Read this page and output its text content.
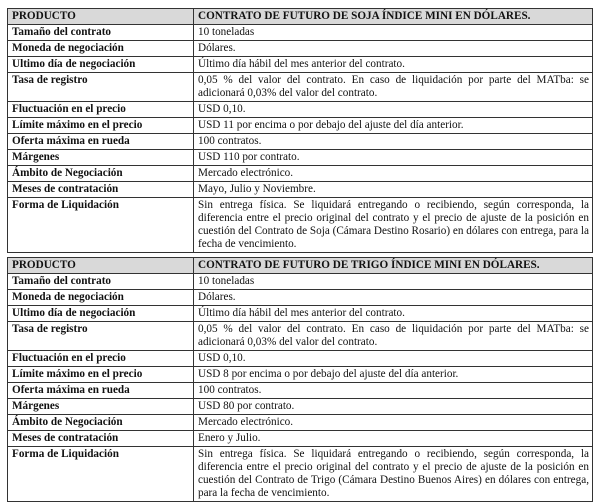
PRODUCTO	CONTRATO DE FUTURO DE SOJA ÍNDICE MINI EN DÓLARES.
Tamaño del contrato	10 toneladas
Moneda de negociación	Dólares.
Ultimo día de negociación	Último día hábil del mes anterior del contrato.
Tasa de registro	0,05 % del valor del contrato. En caso de liquidación por parte del MATba: se adicionará 0,03% del valor del contrato.
Fluctuación en el precio	USD 0,10.
Límite máximo en el precio	USD 11 por encima o por debajo del ajuste del día anterior.
Oferta máxima en rueda	100 contratos.
Márgenes	USD 110 por contrato.
Ámbito de Negociación	Mercado electrónico.
Meses de contratación	Mayo, Julio y Noviembre.
Forma de Liquidación	Sin entrega física. Se liquidará entregando o recibiendo, según corresponda, la diferencia entre el precio original del contrato y el precio de ajuste de la posición en cuestión del Contrato de Soja (Cámara Destino Rosario) en dólares con entrega, para la fecha de vencimiento.
PRODUCTO	CONTRATO DE FUTURO DE TRIGO ÍNDICE MINI EN DÓLARES.
Tamaño del contrato	10 toneladas
Moneda de negociación	Dólares.
Ultimo día de negociación	Último día hábil del mes anterior del contrato.
Tasa de registro	0,05 % del valor del contrato. En caso de liquidación por parte del MATba: se adicionará 0,03% del valor del contrato.
Fluctuación en el precio	USD 0,10.
Límite máximo en el precio	USD 8 por encima o por debajo del ajuste del día anterior.
Oferta máxima en rueda	100 contratos.
Márgenes	USD 80 por contrato.
Ámbito de Negociación	Mercado electrónico.
Meses de contratación	Enero y Julio.
Forma de Liquidación	Sin entrega física. Se liquidará entregando o recibiendo, según corresponda, la diferencia entre el precio original del contrato y el precio de ajuste de la posición en cuestión del Contrato de Trigo (Cámara Destino Buenos Aires) en dólares con entrega, para la fecha de vencimiento.
